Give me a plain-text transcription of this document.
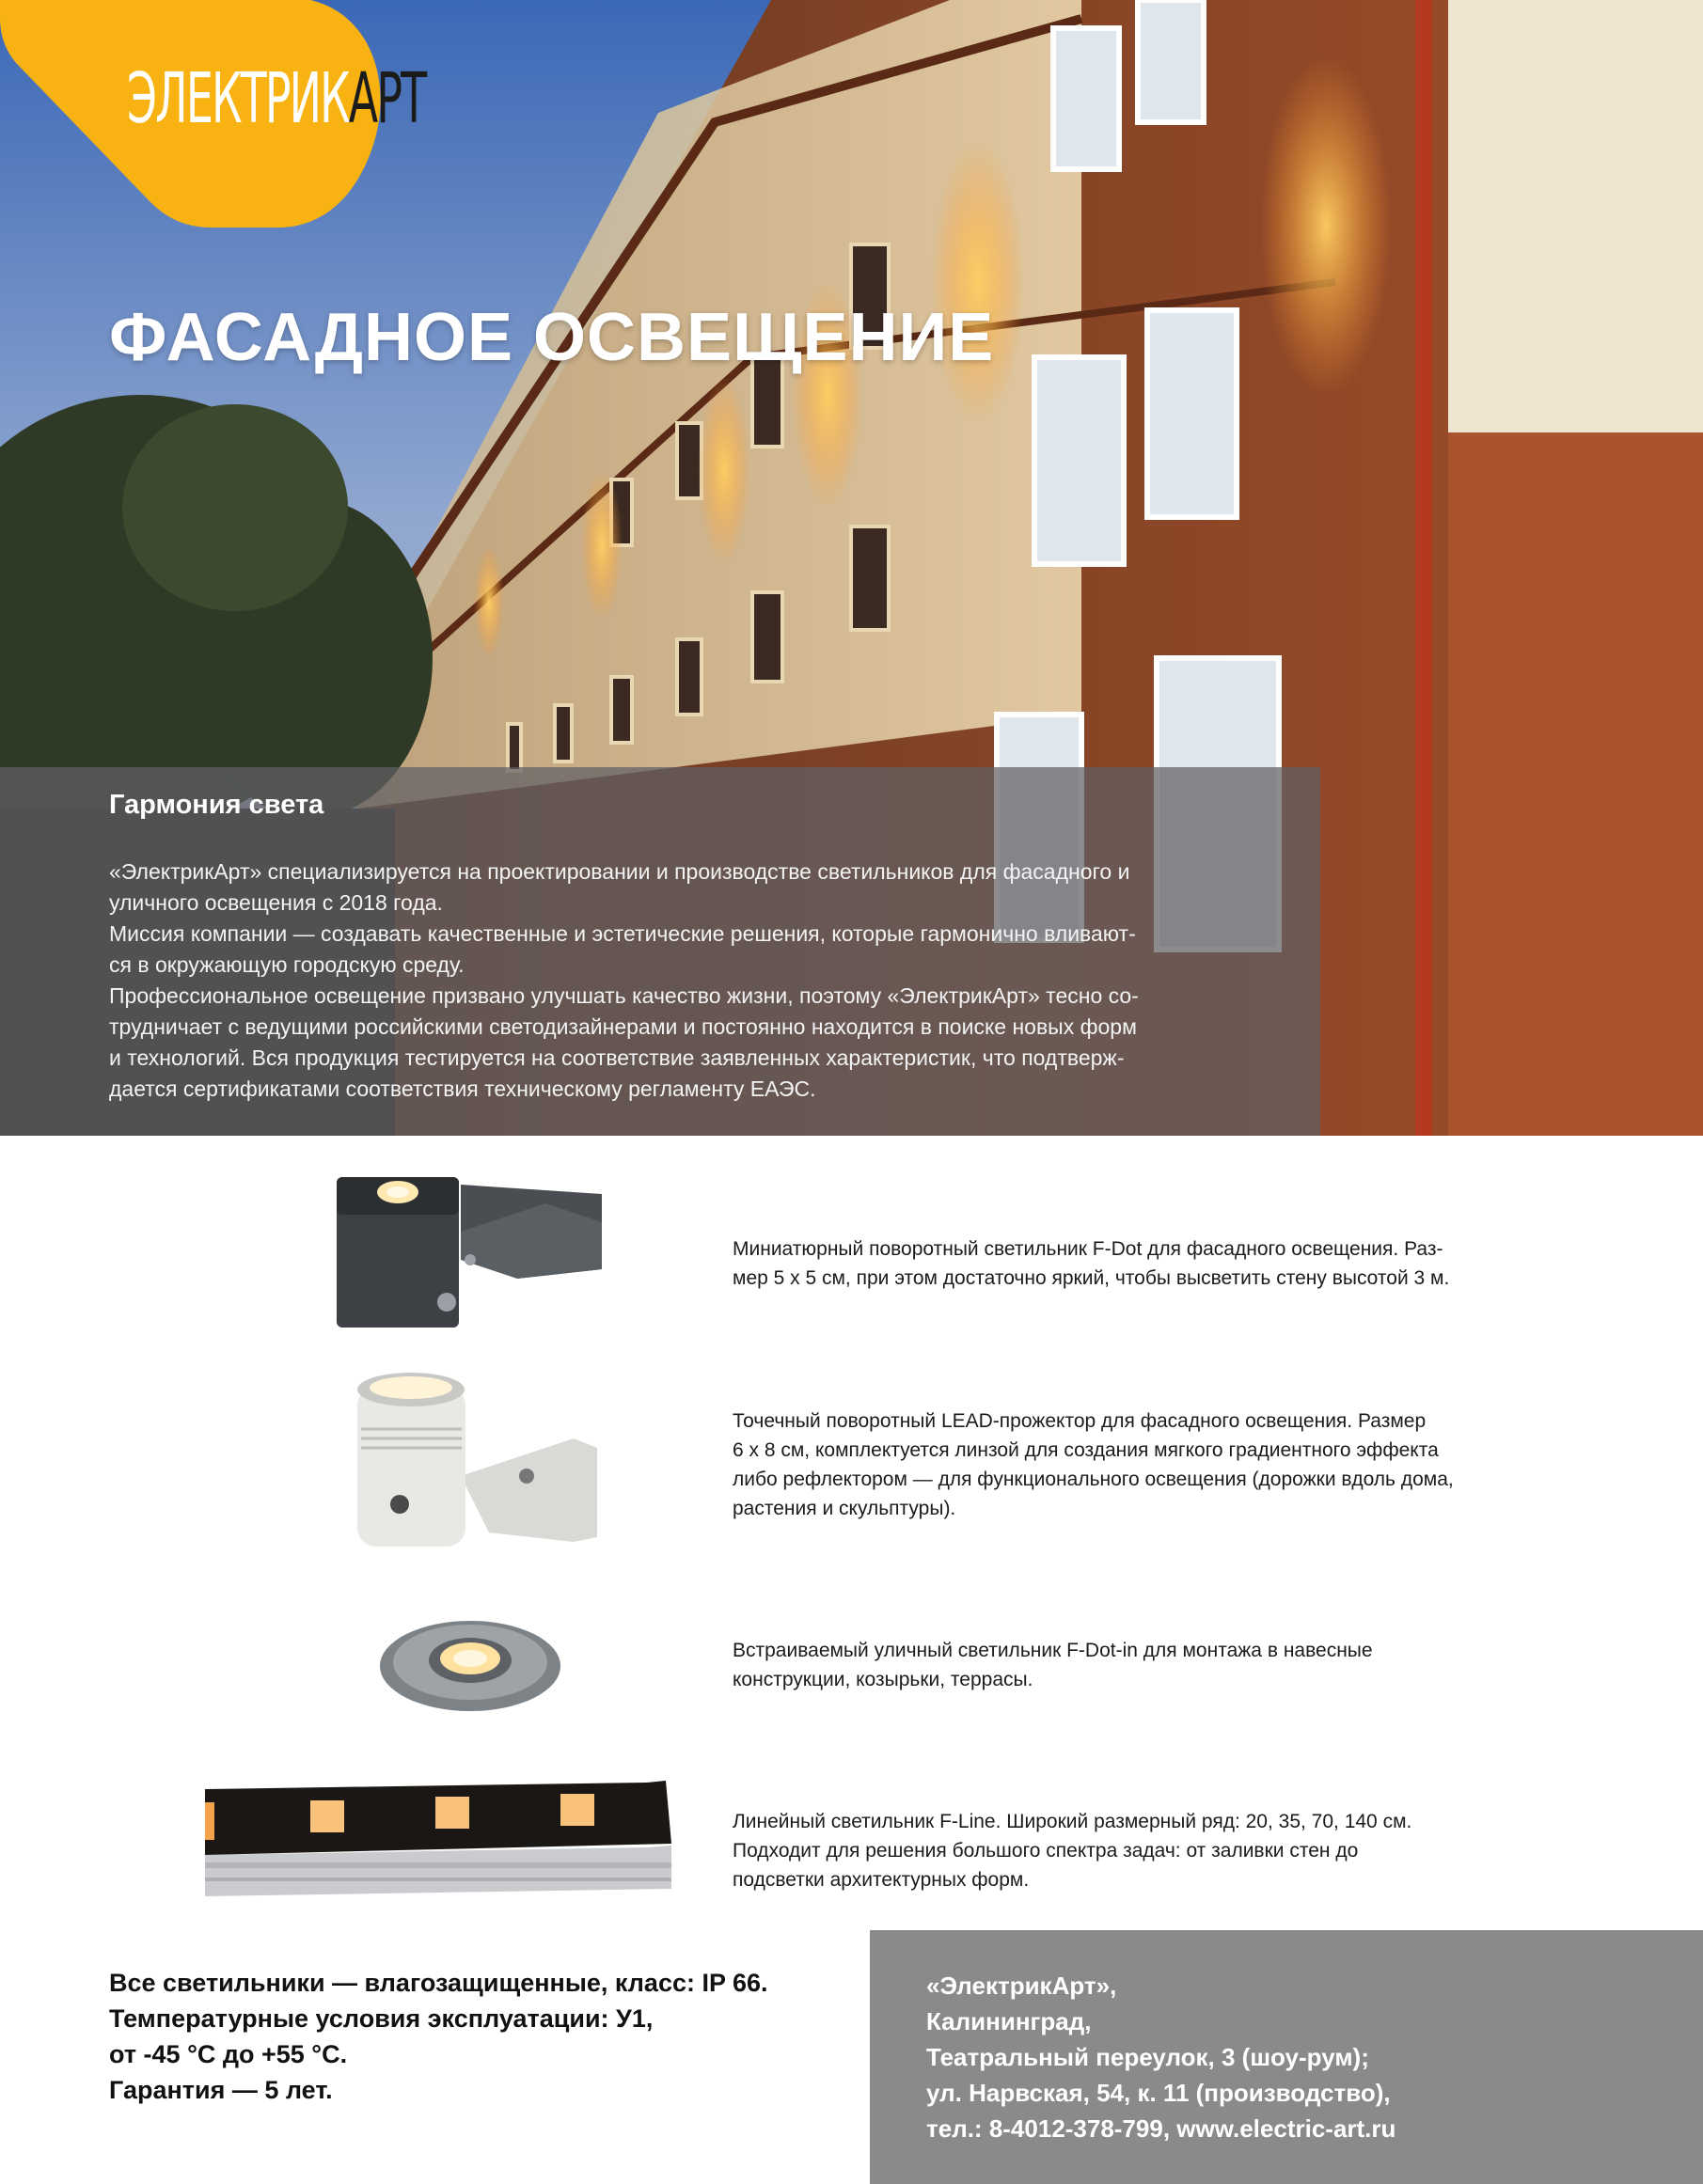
ЭЛЕКТРИКАРТ
ФАСАДНОЕ ОСВЕЩЕНИЕ
Гармония света

«ЭлектрикАрт» специализируется на проектировании и производстве светильников для фасадного и

уличного освещения с 2018 года.

Миссия компании — создавать качественные и эстетические решения, которые гармонично вливают-

ся в окружающую городскую среду.

Профессиональное освещение призвано улучшать качество жизни, поэтому «ЭлектрикАрт» тесно со-

трудничает с ведущими российскими светодизайнерами и постоянно находится в поиске новых форм

и технологий. Вся продукция тестируется на соответствие заявленных характеристик, что подтверж-

дается сертификатами соответствия техническому регламенту ЕАЭС.

Миниатюрный поворотный светильник F-Dot для фасадного освещения. Раз-
мер 5 х 5 см, при этом достаточно яркий, чтобы высветить стену высотой 3 м.
Точечный поворотный LEAD-прожектор для фасадного освещения. Размер
6 х 8 см, комплектуется линзой для создания мягкого градиентного эффекта
либо рефлектором — для функционального освещения (дорожки вдоль дома,
растения и скульптуры).
Встраиваемый уличный светильник F-Dot-in для монтажа в навесные
конструкции, козырьки, террасы.
Линейный светильник F-Line. Широкий размерный ряд: 20, 35, 70, 140 см.
Подходит для решения большого спектра задач: от заливки стен до
подсветки архитектурных форм.
Все светильники — влагозащищенные, класс: IP 66.
Температурные условия эксплуатации: У1,
от -45 °С до +55 °С.
Гарантия — 5 лет.
«ЭлектрикАрт»,
Калининград,
Театральный переулок, 3 (шоу-рум);
ул. Нарвская, 54, к. 11 (производство),
тел.: 8-4012-378-799, www.electric-art.ru
